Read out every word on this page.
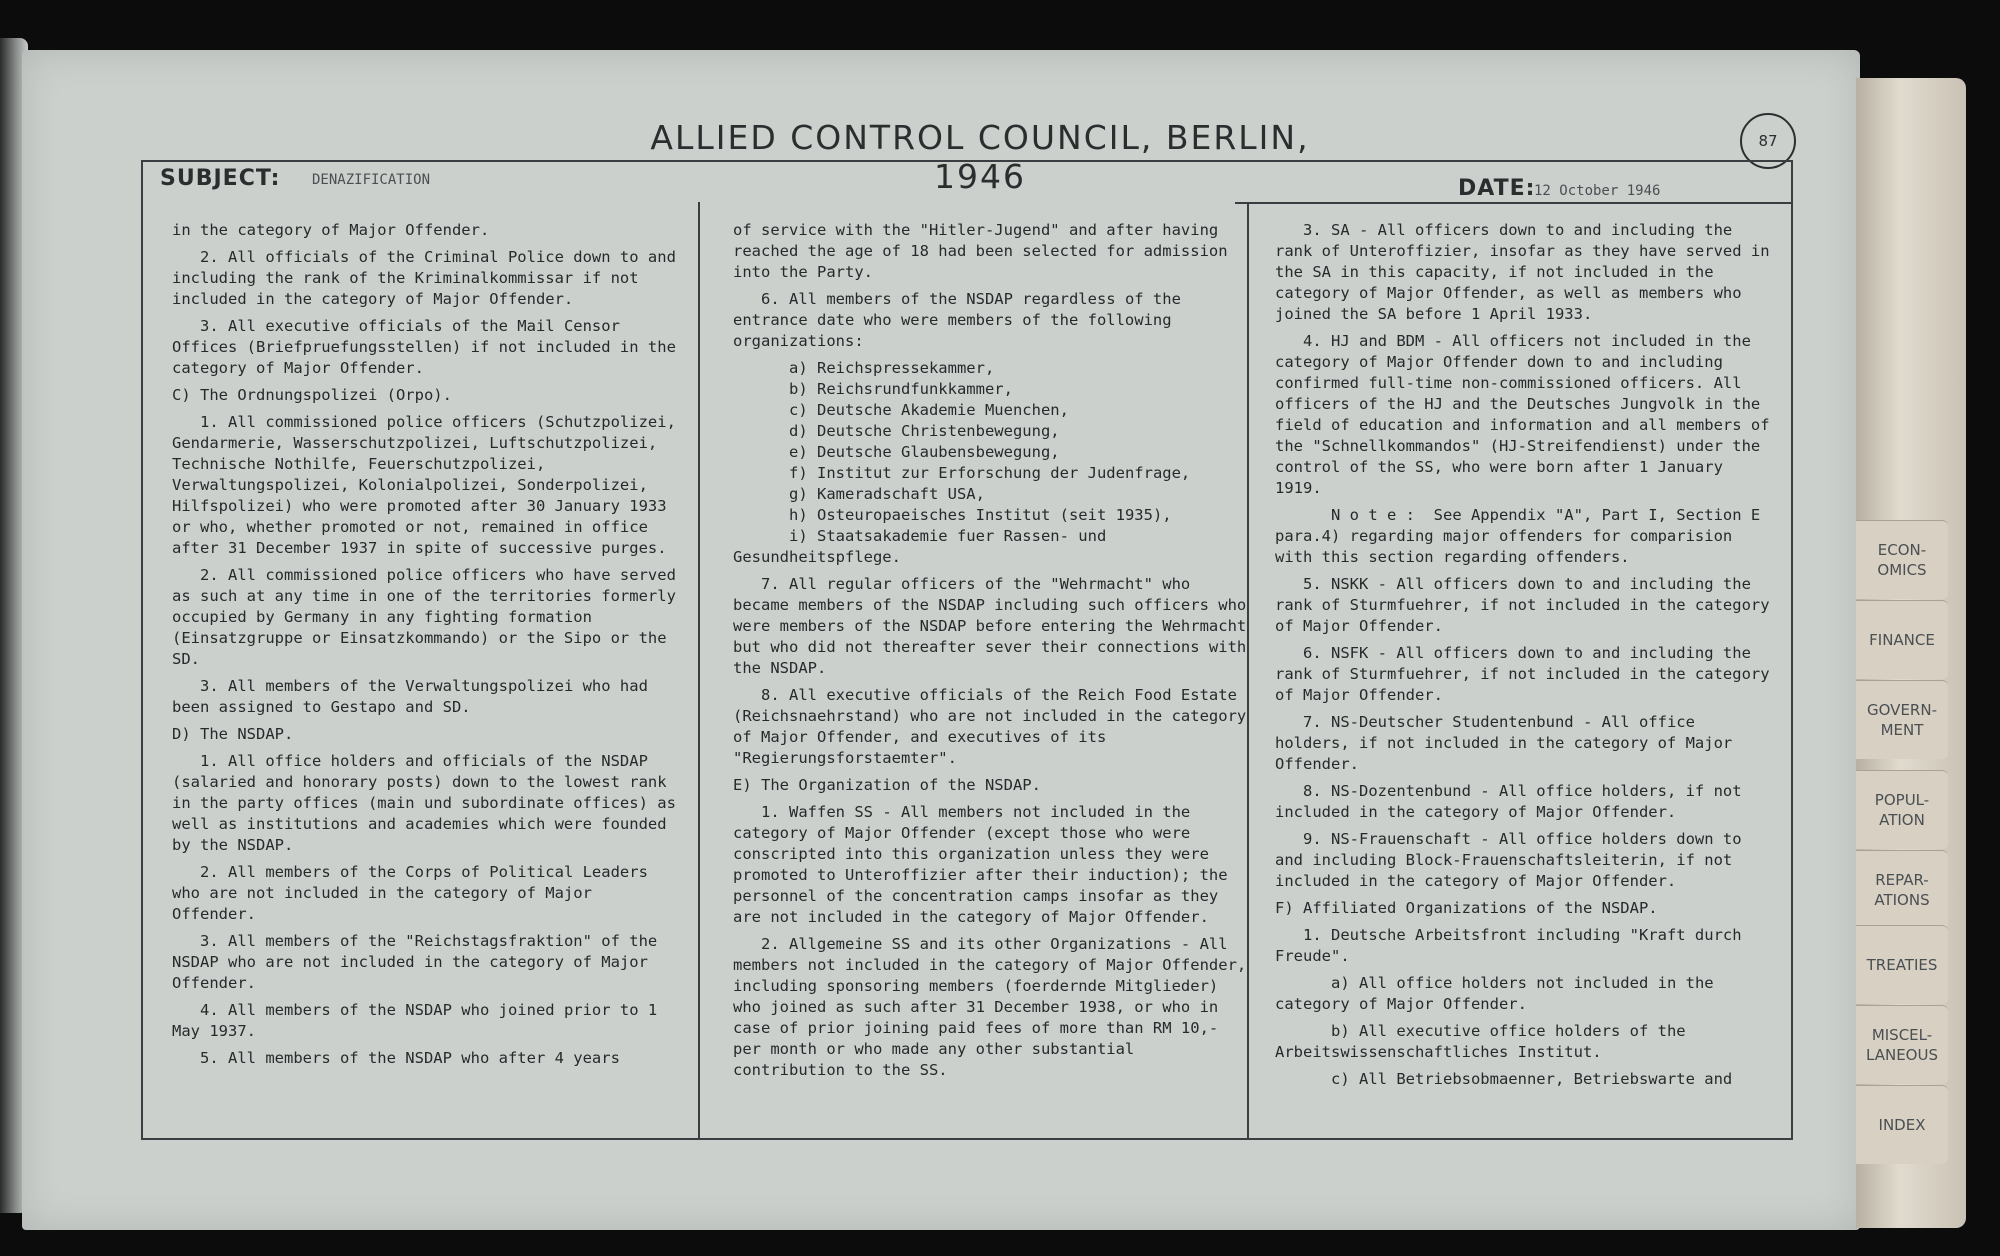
ALLIED CONTROL COUNCIL, BERLIN, 1946
87
SUBJECT: DENAZIFICATION	DATE:
12 October 1946

in the category of Major Offender.

2. All officials of the Criminal Police down to and including the rank of the Kriminalkommissar if not included in the category of Major Offender.

3. All executive officials of the Mail Censor Offices (Briefpruefungsstellen) if not included in the category of Major Offender.

C) The Ordnungspolizei (Orpo).

1. All commissioned police officers (Schutzpolizei, Gendarmerie, Wasserschutzpolizei, Luftschutzpolizei, Technische Nothilfe, Feuerschutzpolizei, Verwaltungspolizei, Kolonialpolizei, Sonderpolizei, Hilfspolizei) who were promoted after 30 January 1933 or who, whether promoted or not, remained in office after 31 December 1937 in spite of successive purges.

2. All commissioned police officers who have served as such at any time in one of the territories formerly occupied by Germany in any fighting formation (Einsatzgruppe or Einsatzkommando) or the Sipo or the SD.

3. All members of the Verwaltungspolizei who had been assigned to Gestapo and SD.

D) The NSDAP.

1. All office holders and officials of the NSDAP (salaried and honorary posts) down to the lowest rank in the party offices (main und subordinate offices) as well as institutions and academies which were founded by the NSDAP.

2. All members of the Corps of Political Leaders who are not included in the category of Major Offender.

3. All members of the "Reichstagsfraktion" of the NSDAP who are not included in the category of Major Offender.

4. All members of the NSDAP who joined prior to 1 May 1937.

5. All members of the NSDAP who after 4 years

of service with the "Hitler-Jugend" and after having reached the age of 18 had been selected for admission into the Party.

6. All members of the NSDAP regardless of the entrance date who were members of the following organizations:

a) Reichspressekammer,

b) Reichsrundfunkkammer,

c) Deutsche Akademie Muenchen,

d) Deutsche Christenbewegung,

e) Deutsche Glaubensbewegung,

f) Institut zur Erforschung der Judenfrage,

g) Kameradschaft USA,

h) Osteuropaeisches Institut (seit 1935),

i) Staatsakademie fuer Rassen- und Gesundheitspflege.

7. All regular officers of the "Wehrmacht" who became members of the NSDAP including such officers who were members of the NSDAP before entering the Wehrmacht but who did not thereafter sever their connections with the NSDAP.

8. All executive officials of the Reich Food Estate (Reichsnaehrstand) who are not included in the category of Major Offender, and executives of its "Regierungsforstaemter".

E) The Organization of the NSDAP.

1. Waffen SS - All members not included in the category of Major Offender (except those who were conscripted into this organization unless they were promoted to Unteroffizier after their induction); the personnel of the concentration camps insofar as they are not included in the category of Major Offender.

2. Allgemeine SS and its other Organizations - All members not included in the category of Major Offender, including sponsoring members (foerdernde Mitglieder) who joined as such after 31 December 1938, or who in case of prior joining paid fees of more than RM 10,- per month or who made any other substantial contribution to the SS.

3. SA - All officers down to and including the rank of Unteroffizier, insofar as they have served in the SA in this capacity, if not included in the category of Major Offender, as well as members who joined the SA before 1 April 1933.

4. HJ and BDM - All officers not included in the category of Major Offender down to and including confirmed full-time non-commissioned officers. All officers of the HJ and the Deutsches Jungvolk in the field of education and information and all members of the "Schnellkommandos" (HJ-Streifendienst) under the control of the SS, who were born after 1 January 1919.

N o t e :  See Appendix "A", Part I, Section E para.4) regarding major offenders for comparision with this section regarding offenders.

5. NSKK - All officers down to and including the rank of Sturmfuehrer, if not included in the category of Major Offender.

6. NSFK - All officers down to and including the rank of Sturmfuehrer, if not included in the category of Major Offender.

7. NS-Deutscher Studentenbund - All office holders, if not included in the category of Major Offender.

8. NS-Dozentenbund - All office holders, if not included in the category of Major Offender.

9. NS-Frauenschaft - All office holders down to and including Block-Frauenschaftsleiterin, if not included in the category of Major Offender.

F) Affiliated Organizations of the NSDAP.

1. Deutsche Arbeitsfront including "Kraft durch Freude".

a) All office holders not included in the category of Major Offender.

b) All executive office holders of the Arbeitswissenschaftliches Institut.

c) All Betriebsobmaenner, Betriebswarte and

ECON-
OMICS
FINANCE
GOVERN-
MENT
POPUL-
ATION
REPAR-
ATIONS
TREATIES
MISCEL-
LANEOUS
INDEX
